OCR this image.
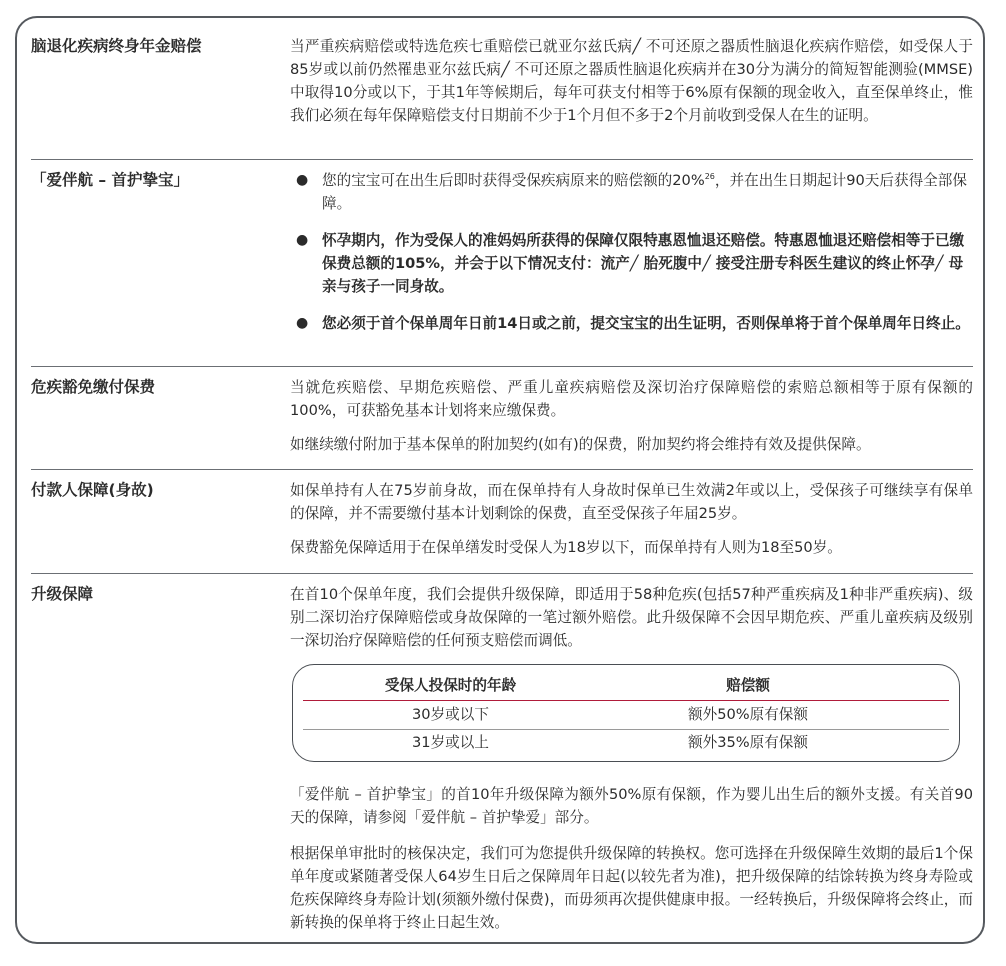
脑退化疾病终身年金赔偿	当严重疾病赔偿或特选危疾七重赔偿已就亚尔兹氏病╱ 不可还原之器质性脑退化疾病作赔偿，如受保人于85岁或以前仍然罹患亚尔兹氏病╱ 不可还原之器质性脑退化疾病并在30分为满分的简短智能测验(MMSE)中取得10分或以下，于其1年等候期后，每年可获支付相等于6%原有保额的现金收入，直至保单终止，惟我们必须在每年保障赔偿支付日期前不少于1个月但不多于2个月前收到受保人在生的证明。

「爱伴航 – 首护挚宝」	● 您的宝宝可在出生后即时获得受保疾病原来的赔偿额的20%$^{26}$，并在出生日期起计90天后获得全部保障。
● 怀孕期内，作为受保人的准妈妈所获得的保障仅限特惠恩恤退还赔偿。特惠恩恤退还赔偿相等于已缴保费总额的105%，并会于以下情况支付：流产╱ 胎死腹中╱ 接受注册专科医生建议的终止怀孕╱ 母亲与孩子一同身故。
● 您必须于首个保单周年日前14日或之前，提交宝宝的出生证明，否则保单将于首个保单周年日终止。
危疾豁免缴付保费	当就危疾赔偿、早期危疾赔偿、严重儿童疾病赔偿及深切治疗保障赔偿的索赔总额相等于原有保额的100%，可获豁免基本计划将来应缴保费。

如继续缴付附加于基本保单的附加契约(如有)的保费，附加契约将会维持有效及提供保障。

付款人保障(身故)	如保单持有人在75岁前身故，而在保单持有人身故时保单已生效满2年或以上，受保孩子可继续享有保单的保障，并不需要缴付基本计划剩馀的保费，直至受保孩子年届25岁。

保费豁免保障适用于在保单缮发时受保人为18岁以下，而保单持有人则为18至50岁。

升级保障	在首10个保单年度，我们会提供升级保障，即适用于58种危疾(包括57种严重疾病及1种非严重疾病)、级别二深切治疗保障赔偿或身故保障的一笔过额外赔偿。此升级保障不会因早期危疾、严重儿童疾病及级别一深切治疗保障赔偿的任何预支赔偿而调低。

受保人投保时的年龄	赔偿额
30岁或以下	额外50%原有保额
31岁或以上	额外35%原有保额

「爱伴航 – 首护挚宝」的首10年升级保障为额外50%原有保额，作为婴儿出生后的额外支援。有关首90天的保障，请参阅「爱伴航 – 首护挚爱」部分。

根据保单审批时的核保决定，我们可为您提供升级保障的转换权。您可选择在升级保障生效期的最后1个保单年度或紧随著受保人64岁生日后之保障周年日起(以较先者为准)，把升级保障的结馀转换为终身寿险或危疾保障终身寿险计划(须额外缴付保费)，而毋须再次提供健康申报。一经转换后，升级保障将会终止，而新转换的保单将于终止日起生效。
